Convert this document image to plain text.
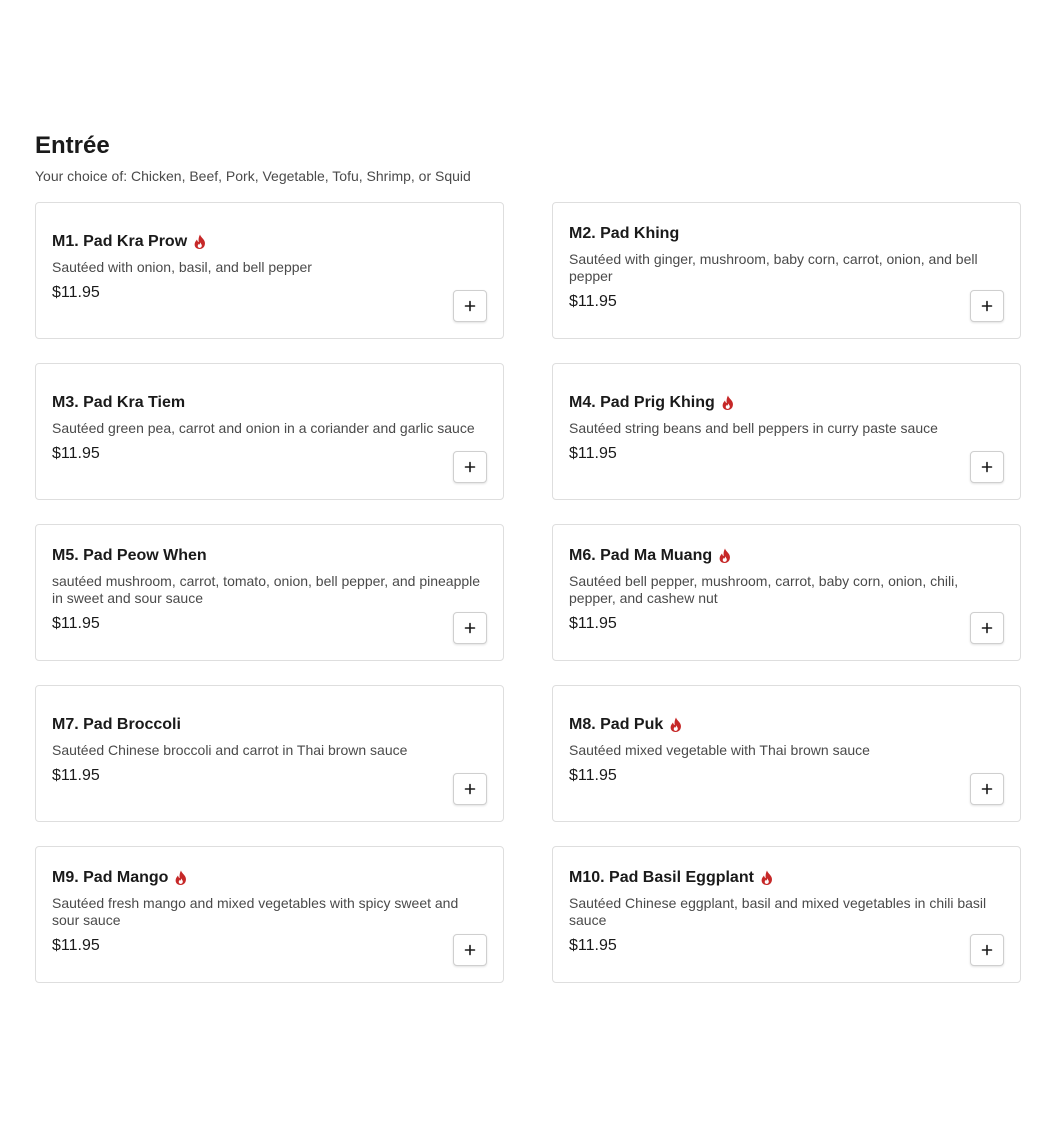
Entrée

Your choice of: Chicken, Beef, Pork, Vegetable, Tofu, Shrimp, or Squid

M1. Pad Kra Prow

Sautéed with onion, basil, and bell pepper

$11.95
M2. Pad Khing

Sautéed with ginger, mushroom, baby corn, carrot, onion, and bell pepper

$11.95
M3. Pad Kra Tiem

Sautéed green pea, carrot and onion in a coriander and garlic sauce

$11.95
M4. Pad Prig Khing

Sautéed string beans and bell peppers in curry paste sauce

$11.95
M5. Pad Peow When

sautéed mushroom, carrot, tomato, onion, bell pepper, and pineapple in sweet and sour sauce

$11.95
M6. Pad Ma Muang

Sautéed bell pepper, mushroom, carrot, baby corn, onion, chili, pepper, and cashew nut

$11.95
M7. Pad Broccoli

Sautéed Chinese broccoli and carrot in Thai brown sauce

$11.95
M8. Pad Puk

Sautéed mixed vegetable with Thai brown sauce

$11.95
M9. Pad Mango

Sautéed fresh mango and mixed vegetables with spicy sweet and sour sauce

$11.95
M10. Pad Basil Eggplant

Sautéed Chinese eggplant, basil and mixed vegetables in chili basil sauce

$11.95
